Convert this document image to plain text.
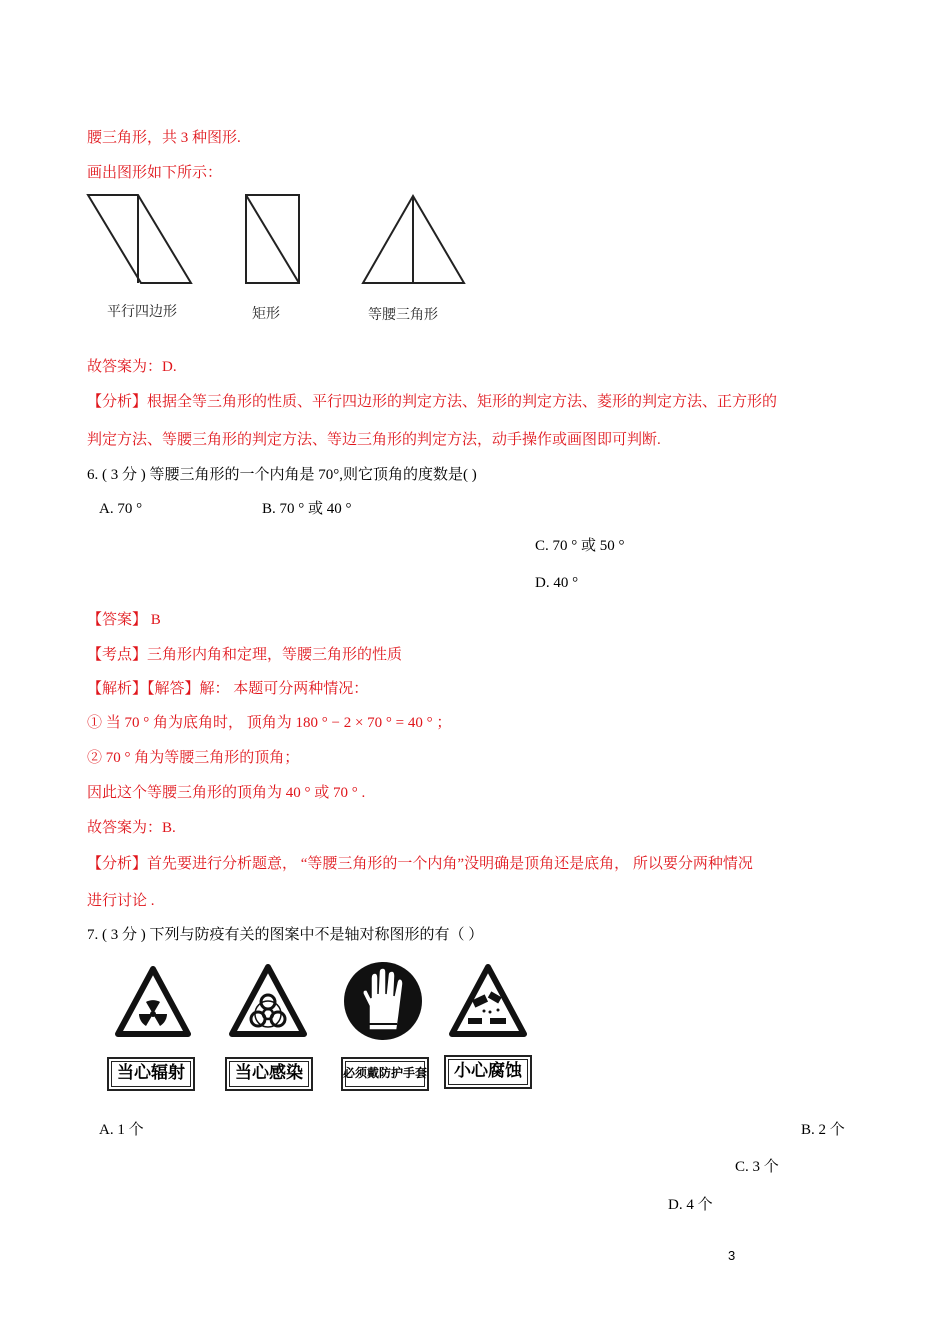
腰三角形，共 3 种图形.
画出图形如下所示：
平行四边形	矩形	等腰三角形
故答案为：D.
【分析】根据全等三角形的性质、平行四边形的判定方法、矩形的判定方法、菱形的判定方法、正方形的
判定方法、等腰三角形的判定方法、等边三角形的判定方法，动手操作或画图即可判断.
6. ( 3 分 ) 等腰三角形的一个内角是 70°,则它顶角的度数是( )
A. 70 °	B. 70 ° 或 40 °
C. 70 ° 或 50 °
D. 40 °
【答案】 B
【考点】三角形内角和定理，等腰三角形的性质
【解析】【解答】解： 本题可分两种情况：
① 当 70 ° 角为底角时， 顶角为 180 ° − 2 × 70 ° = 40 ° ；
② 70 ° 角为等腰三角形的顶角；
因此这个等腰三角形的顶角为 40 ° 或 70 ° .
故答案为：B.
【分析】首先要进行分析题意， “等腰三角形的一个内角”没明确是顶角还是底角， 所以要分两种情况
进行讨论 .
7. ( 3 分 ) 下列与防疫有关的图案中不是轴对称图形的有（ ）
当心辐射	当心感染	必须戴防护手套	小心腐蚀
A. 1 个	B. 2 个
C. 3 个
D. 4 个
3
